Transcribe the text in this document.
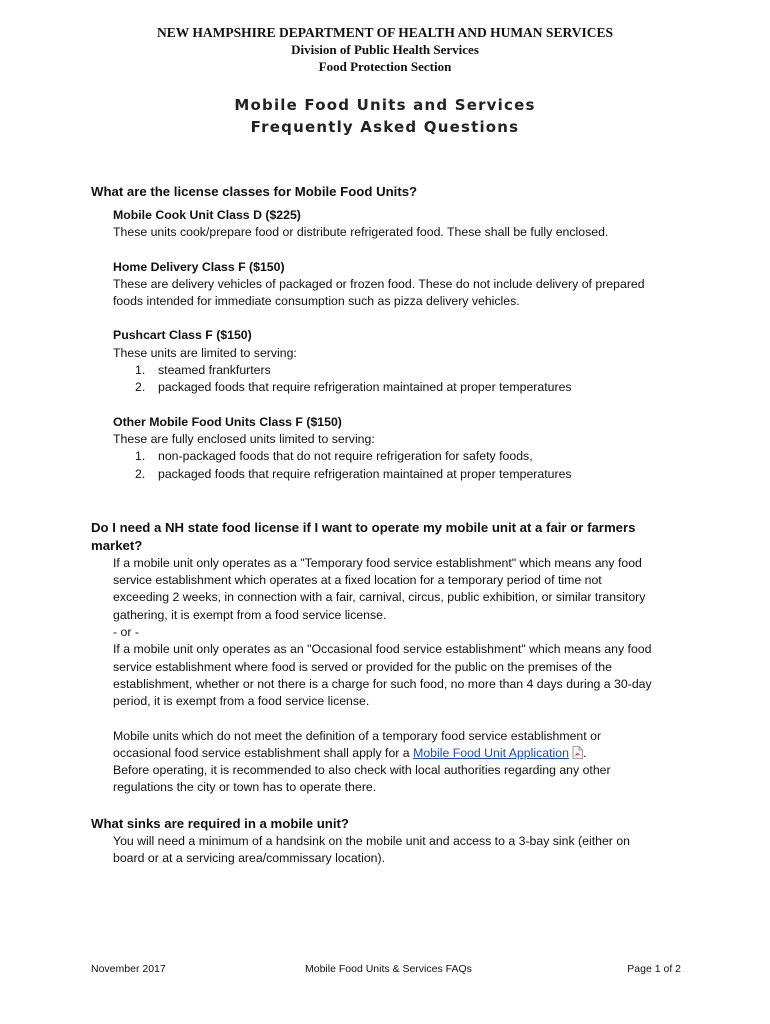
NEW HAMPSHIRE DEPARTMENT OF HEALTH AND HUMAN SERVICES
Division of Public Health Services
Food Protection Section
Mobile Food Units and Services
Frequently Asked Questions

What are the license classes for Mobile Food Units?

Mobile Cook Unit Class D ($225)

These units cook/prepare food or distribute refrigerated food. These shall be fully enclosed.

Home Delivery Class F ($150)

These are delivery vehicles of packaged or frozen food. These do not include delivery of prepared

foods intended for immediate consumption such as pizza delivery vehicles.

Pushcart Class F ($150)

These units are limited to serving:

1. steamed frankfurters
2. packaged foods that require refrigeration maintained at proper temperatures

Other Mobile Food Units Class F ($150)

These are fully enclosed units limited to serving:

1. non-packaged foods that do not require refrigeration for safety foods,
2. packaged foods that require refrigeration maintained at proper temperatures

Do I need a NH state food license if I want to operate my mobile unit at a fair or farmers

market?

If a mobile unit only operates as a "Temporary food service establishment" which means any food

service establishment which operates at a fixed location for a temporary period of time not

exceeding 2 weeks, in connection with a fair, carnival, circus, public exhibition, or similar transitory

gathering, it is exempt from a food service license.

- or -

If a mobile unit only operates as an "Occasional food service establishment" which means any food

service establishment where food is served or provided for the public on the premises of the

establishment, whether or not there is a charge for such food, no more than 4 days during a 30-day

period, it is exempt from a food service license.

Mobile units which do not meet the definition of a temporary food service establishment or

occasional food service establishment shall apply for a Mobile Food Unit Application .

Before operating, it is recommended to also check with local authorities regarding any other

regulations the city or town has to operate there.

What sinks are required in a mobile unit?

You will need a minimum of a handsink on the mobile unit and access to a 3-bay sink (either on

board or at a servicing area/commissary location).

November 2017	Mobile Food Units & Services FAQs	Page 1 of 2
